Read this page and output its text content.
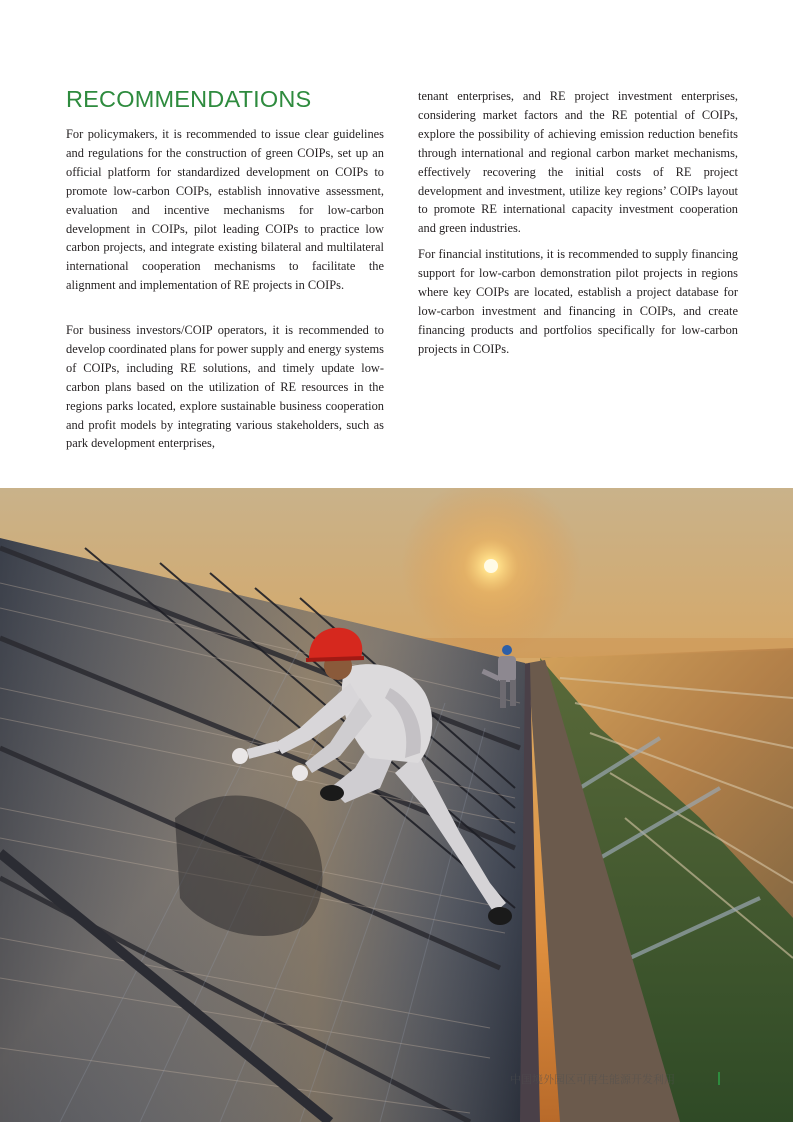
RECOMMENDATIONS

For policymakers, it is recommended to issue clear guidelines and regulations for the construction of green COIPs, set up an official platform for standardized development on COIPs to promote low-carbon COIPs, establish innovative assessment, evaluation and incentive mechanisms for low-carbon development in COIPs, pilot leading COIPs to practice low carbon projects, and integrate existing bilateral and multilateral international cooperation mechanisms to facilitate the alignment and implementation of RE projects in COIPs.

For business investors/COIP operators, it is recommended to develop coordinated plans for power supply and energy systems of COIPs, including RE solutions, and timely update low-carbon plans based on the utilization of RE resources in the regions parks located, explore sustainable business cooperation and profit models by integrating various stakeholders, such as park development enterprises,

tenant enterprises, and RE project investment enterprises, considering market factors and the RE potential of COIPs, explore the possibility of achieving emission reduction benefits through international and regional carbon market mechanisms, effectively recovering the initial costs of RE project development and investment, utilize key regions’ COIPs layout to promote RE international capacity investment cooperation and green industries.

For financial institutions, it is recommended to supply financing support for low-carbon demonstration pilot projects in regions where key COIPs are located, establish a project database for low-carbon investment and financing in COIPs, and create financing products and portfolios specifically for low-carbon projects in COIPs.

中国境外园区可再生能源开发利用
